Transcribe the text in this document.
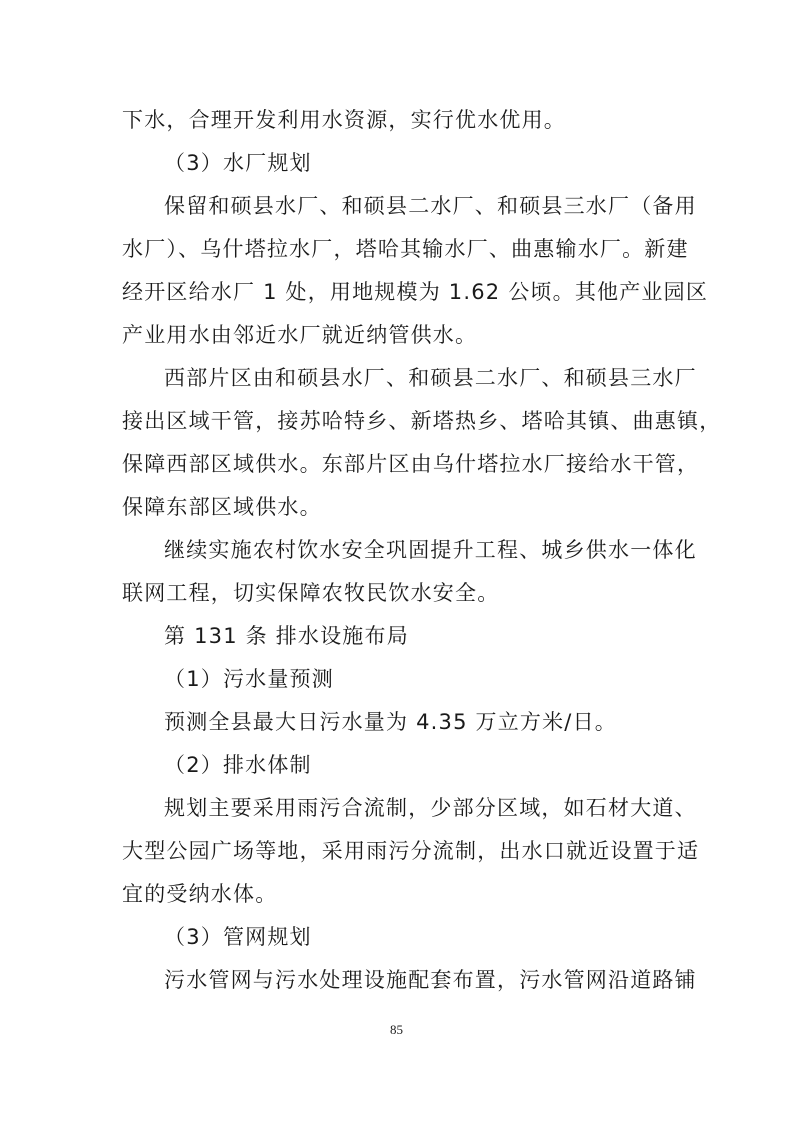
下水，合理开发利用水资源，实行优水优用。

（3）水厂规划

保留和硕县水厂、和硕县二水厂、和硕县三水厂（备用

水厂）、乌什塔拉水厂，塔哈其输水厂、曲惠输水厂。新建

经开区给水厂 1 处，用地规模为 1.62 公顷。其他产业园区

产业用水由邻近水厂就近纳管供水。

西部片区由和硕县水厂、和硕县二水厂、和硕县三水厂

接出区域干管，接苏哈特乡、新塔热乡、塔哈其镇、曲惠镇，

保障西部区域供水。东部片区由乌什塔拉水厂接给水干管，

保障东部区域供水。

继续实施农村饮水安全巩固提升工程、城乡供水一体化

联网工程，切实保障农牧民饮水安全。

第 131 条 排水设施布局

（1）污水量预测

预测全县最大日污水量为 4.35 万立方米/日。

（2）排水体制

规划主要采用雨污合流制，少部分区域，如石材大道、

大型公园广场等地，采用雨污分流制，出水口就近设置于适

宜的受纳水体。

（3）管网规划

污水管网与污水处理设施配套布置，污水管网沿道路铺

85
